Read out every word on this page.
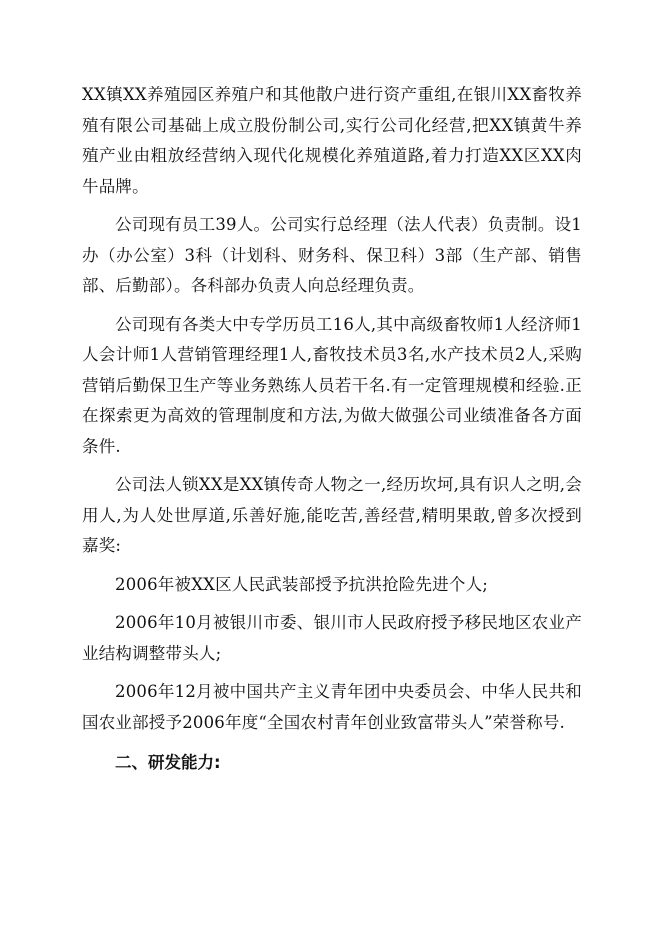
XX镇XX养殖园区养殖户和其他散户进行资产重组,在银川XX畜牧养殖有限公司基础上成立股份制公司,实行公司化经营,把XX镇黄牛养殖产业由粗放经营纳入现代化规模化养殖道路,着力打造XX区XX肉牛品牌。

公司现有员工39人。公司实行总经理（法人代表）负责制。设1办（办公室）3科（计划科、财务科、保卫科）3部（生产部、销售部、后勤部）。各科部办负责人向总经理负责。

公司现有各类大中专学历员工16人,其中高级畜牧师1人经济师1人会计师1人营销管理经理1人,畜牧技术员3名,水产技术员2人,采购营销后勤保卫生产等业务熟练人员若干名.有一定管理规模和经验.正在探索更为高效的管理制度和方法,为做大做强公司业绩准备各方面条件.

公司法人锁XX是XX镇传奇人物之一,经历坎坷,具有识人之明,会用人,为人处世厚道,乐善好施,能吃苦,善经营,精明果敢,曾多次授到嘉奖:

2006年被XX区人民武装部授予抗洪抢险先进个人;

2006年10月被银川市委、银川市人民政府授予移民地区农业产业结构调整带头人;

2006年12月被中国共产主义青年团中央委员会、中华人民共和国农业部授予2006年度“全国农村青年创业致富带头人”荣誉称号.

二、研发能力:
